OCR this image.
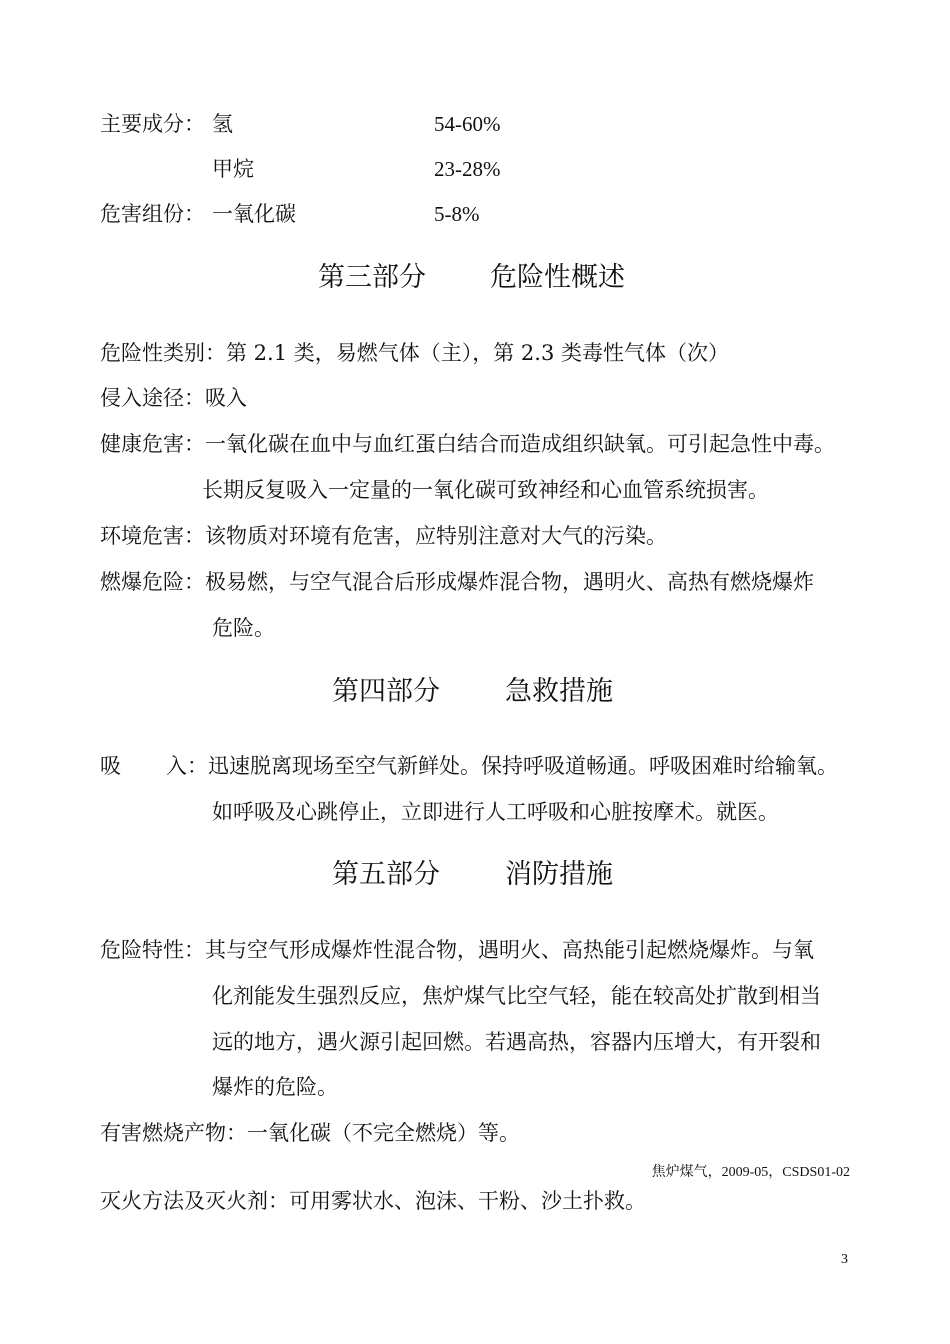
主要成分： 氢	54-60%
甲烷	23-28%
危害组份： 一氧化碳	5-8%
第三部分 危险性概述
危险性类别：第 2.1 类，易燃气体（主），第 2.3 类毒性气体（次）
侵入途径：吸入
健康危害：一氧化碳在血中与血红蛋白结合而造成组织缺氧。可引起急性中毒。
长期反复吸入一定量的一氧化碳可致神经和心血管系统损害。
环境危害：该物质对环境有危害，应特别注意对大气的污染。
燃爆危险：极易燃，与空气混合后形成爆炸混合物，遇明火、高热有燃烧爆炸
危险。
第四部分 急救措施
吸 入： 迅速脱离现场至空气新鲜处。保持呼吸道畅通。呼吸困难时给输氧。
如呼吸及心跳停止，立即进行人工呼吸和心脏按摩术。就医。
第五部分 消防措施
危险特性：其与空气形成爆炸性混合物，遇明火、高热能引起燃烧爆炸。与氧
化剂能发生强烈反应，焦炉煤气比空气轻，能在较高处扩散到相当
远的地方，遇火源引起回燃。若遇高热，容器内压增大，有开裂和
爆炸的危险。
有害燃烧产物：一氧化碳（不完全燃烧）等。
焦炉煤气，2009-05，CSDS01-02
灭火方法及灭火剂：可用雾状水、泡沫、干粉、沙土扑救。
3
